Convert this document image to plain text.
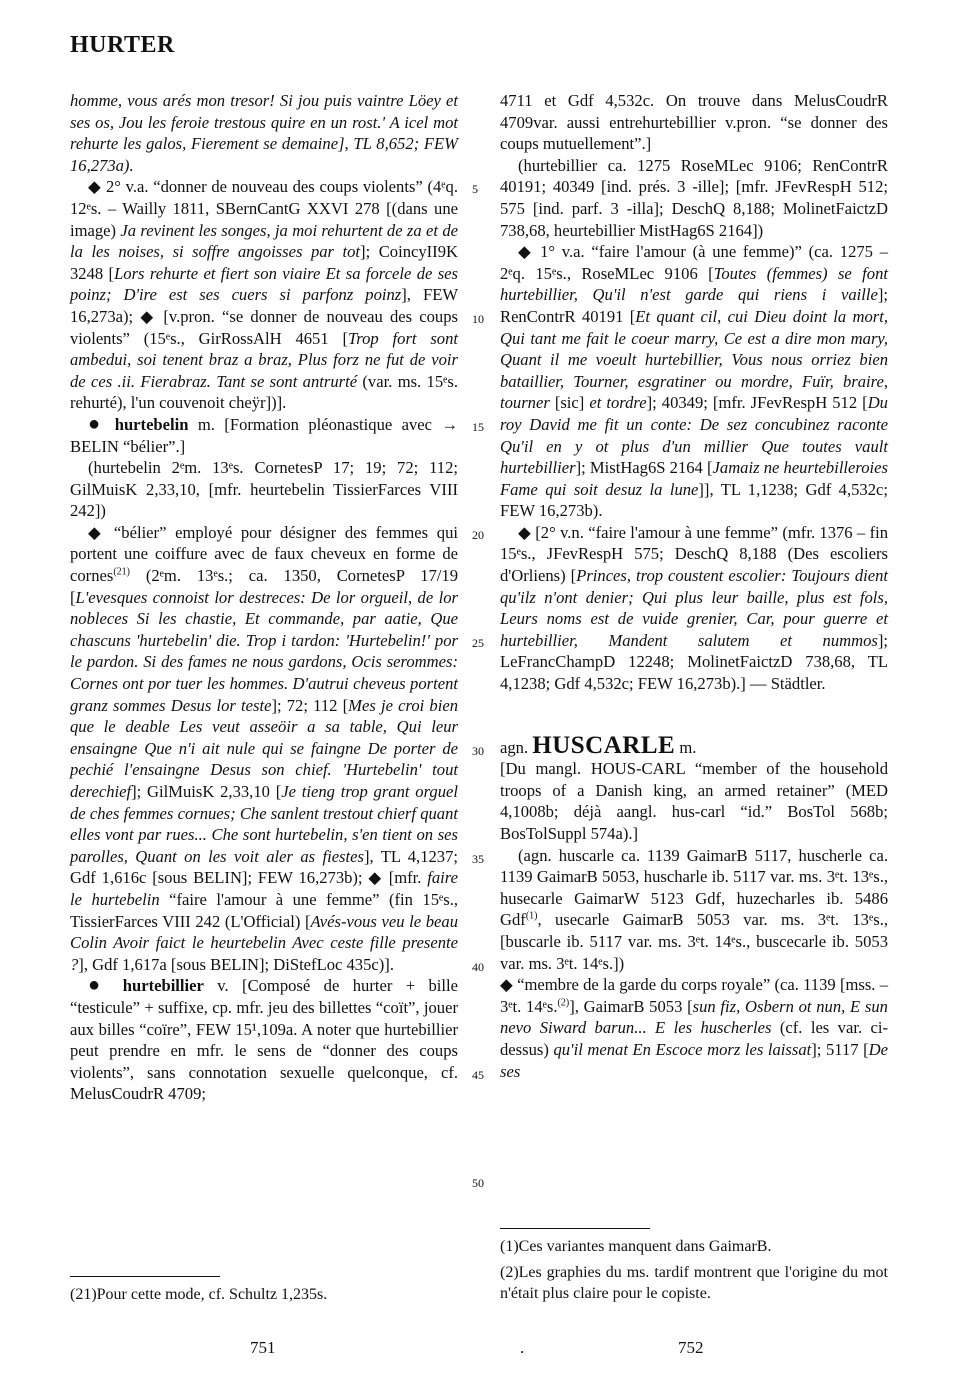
HURTER

homme, vous arés mon tresor! Si jou puis vaintre Löey et ses os, Jou les feroie trestous quire en un rost.' A icel mot rehurte les galos, Fierement se demaine], TL 8,652; FEW 16,273a).

◆ 2° v.a. “donner de nouveau des coups violents” (4ᵉq. 12ᵉs. – Wailly 1811, SBernCantG XXVI 278 [(dans une image) Ja revinent les songes, ja moi rehurtent de za et de la les noises, si soffre angoisses par tot]; CoincyII9K 3248 [Lors rehurte et fiert son viaire Et sa forcele de ses poinz; D'ire est ses cuers si parfonz poinz], FEW 16,273a); ◆ [v.pron. “se donner de nouveau des coups violents” (15ᵉs., GirRossAlH 4651 [Trop fort sont ambedui, soi tenent braz a braz, Plus forz ne fut de voir de ces .ii. Fierabraz. Tant se sont antrurté (var. ms. 15ᵉs. rehurté), l'un couvenoit cheÿr])].

● hurtebelin m. [Formation pléonastique avec → BELIN “bélier”.]

(hurtebelin 2ᵉm. 13ᵉs. CornetesP 17; 19; 72; 112; GilMuisK 2,33,10, [mfr. heurtebelin TissierFarces VIII 242])

◆ “bélier” employé pour désigner des femmes qui portent une coiffure avec de faux cheveux en forme de cornes$^{(21)}$ (2ᵉm. 13ᵉs.; ca. 1350, CornetesP 17/19 [L'evesques connoist lor destreces: De lor orgueil, de lor nobleces Si les chastie, Et commande, par aatie, Que chascuns 'hurtebelin' die. Trop i tardon: 'Hurtebelin!' por le pardon. Si des fames ne nous gardons, Ocis serommes: Cornes ont por tuer les hommes. D'autrui cheveus portent granz sommes Desus lor teste]; 72; 112 [Mes je croi bien que le deable Les veut asseöir a sa table, Qui leur ensaingne Que n'i ait nule qui se faingne De porter de pechié l'ensaingne Desus son chief. 'Hurtebelin' tout derechief]; GilMuisK 2,33,10 [Je tieng trop grant orguel de ches femmes cornues; Che sanlent trestout chierf quant elles vont par rues... Che sont hurtebelin, s'en tient on ses parolles, Quant on les voit aler as fiestes], TL 4,1237; Gdf 1,616c [sous BELIN]; FEW 16,273b); ◆ [mfr. faire le hurtebelin “faire l'amour à une femme” (fin 15ᵉs., TissierFarces VIII 242 (L'Official) [Avés-vous veu le beau Colin Avoir faict le heurtebelin Avec ceste fille presente ?], Gdf 1,617a [sous BELIN]; DiStefLoc 435c)].

● hurtebillier v. [Composé de hurter + bille “testicule” + suffixe, cp. mfr. jeu des billettes “coït”, jouer aux billes “coïre”, FEW 15¹,109a. A noter que hurtebillier peut prendre en mfr. le sens de “donner des coups violents”, sans connotation sexuelle quelconque, cf. MelusCoudrR 4709;

5
10
15
20
25
30
35
40
45
50
(21)Pour cette mode, cf. Schultz 1,235s.
751

4711 et Gdf 4,532c. On trouve dans MelusCoudrR 4709var. aussi entrehurtebillier v.pron. “se donner des coups mutuellement”.]

(hurtebillier ca. 1275 RoseMLec 9106; RenContrR 40191; 40349 [ind. prés. 3 -ille]; [mfr. JFevRespH 512; 575 [ind. parf. 3 -illa]; DeschQ 8,188; MolinetFaictzD 738,68, heurtebillier MistHag6S 2164])

◆ 1° v.a. “faire l'amour (à une femme)” (ca. 1275 – 2ᵉq. 15ᵉs., RoseMLec 9106 [Toutes (femmes) se font hurtebillier, Qu'il n'est garde qui riens i vaille]; RenContrR 40191 [Et quant cil, cui Dieu doint la mort, Qui tant me fait le coeur marry, Ce est a dire mon mary, Quant il me voeult hurtebillier, Vous nous orriez bien bataillier, Tourner, esgratiner ou mordre, Fuïr, braire, tourner [sic] et tordre]; 40349; [mfr. JFevRespH 512 [Du roy David me fit un conte: De sez concubinez raconte Qu'il en y ot plus d'un millier Que toutes vault hurtebillier]; MistHag6S 2164 [Jamaiz ne heurtebilleroies Fame qui soit desuz la lune]], TL 1,1238; Gdf 4,532c; FEW 16,273b).

◆ [2° v.n. “faire l'amour à une femme” (mfr. 1376 – fin 15ᵉs., JFevRespH 575; DeschQ 8,188 (Des escoliers d'Orliens) [Princes, trop coustent escolier: Toujours dient qu'ilz n'ont denier; Qui plus leur baille, plus est fols, Leurs noms est de vuide grenier, Car, pour guerre et hurtebillier, Mandent salutem et nummos]; LeFrancChampD 12248; MolinetFaictzD 738,68, TL 4,1238; Gdf 4,532c; FEW 16,273b).] — Städtler.

agn. HUSCARLE m.

[Du mangl. HOUS-CARL “member of the household troops of a Danish king, an armed retainer” (MED 4,1008b; déjà aangl. hus-carl “id.” BosTol 568b; BosTolSuppl 574a).]

(agn. huscarle ca. 1139 GaimarB 5117, huscherle ca. 1139 GaimarB 5053, huscharle ib. 5117 var. ms. 3ᵉt. 13ᵉs., husecarle GaimarW 5123 Gdf, huzecharles ib. 5486 Gdf$^{(1)}$, usecarle GaimarB 5053 var. ms. 3ᵉt. 13ᵉs., [buscarle ib. 5117 var. ms. 3ᵉt. 14ᵉs., buscecarle ib. 5053 var. ms. 3ᵉt. 14ᵉs.])

◆ “membre de la garde du corps royale” (ca. 1139 [mss. – 3ᵉt. 14ᵉs.$^{(2)}$], GaimarB 5053 [sun fiz, Osbern ot nun, E sun nevo Siward barun... E les huscherles (cf. les var. ci-dessus) qu'il menat En Escoce morz les laissat]; 5117 [De ses

(1)Ces variantes manquent dans GaimarB.
(2)Les graphies du ms. tardif montrent que l'origine du mot n'était plus claire pour le copiste.
.	752
